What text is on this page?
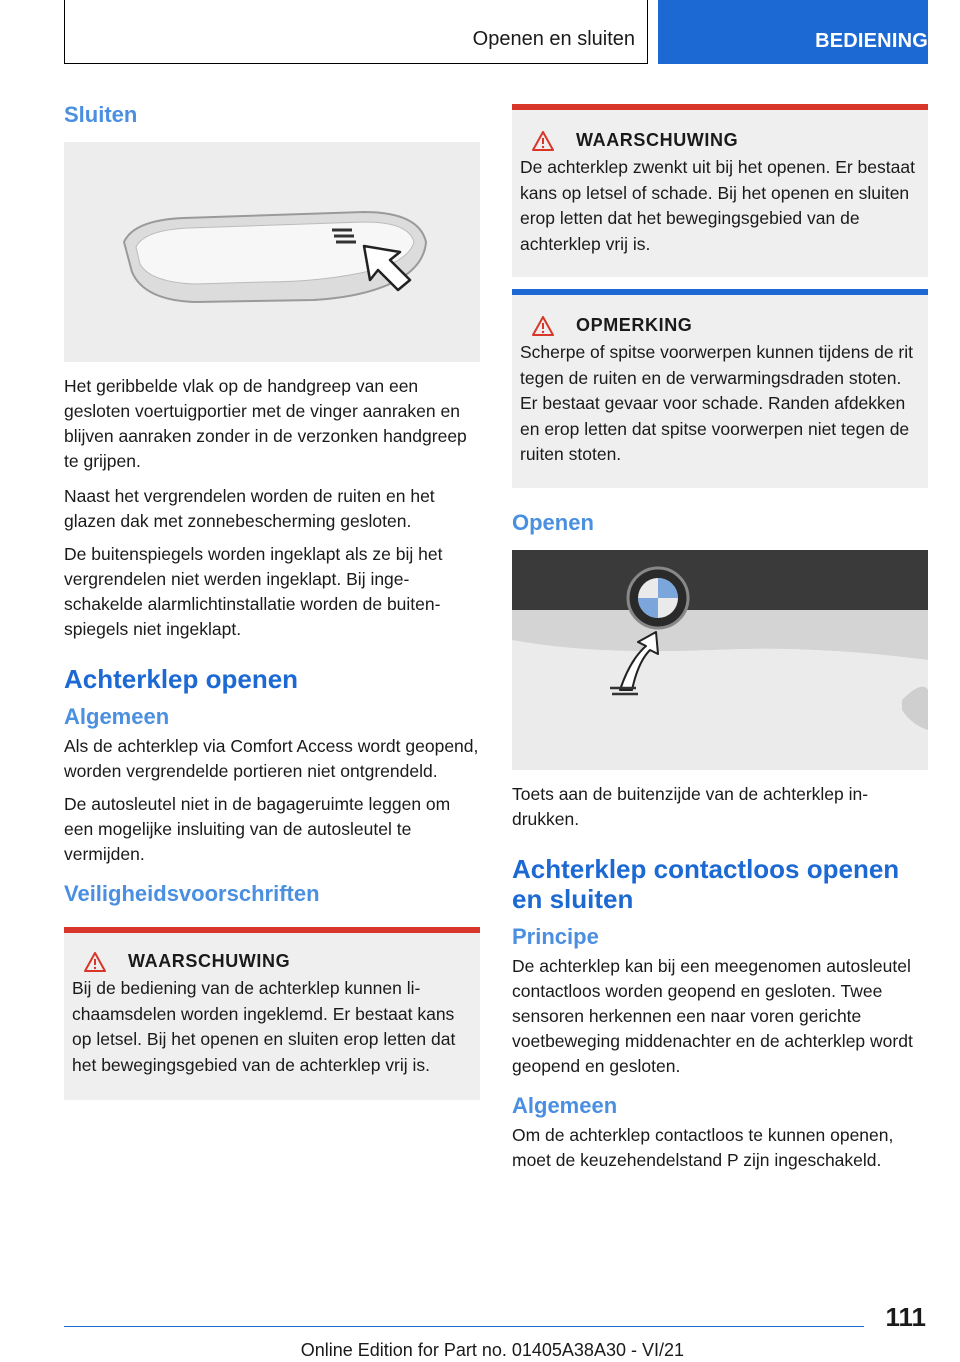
Openen en sluiten	BEDIENING
Sluiten

Het geribbelde vlak op de handgreep van een gesloten voertuigportier met de vinger aanraken en blijven aanraken zonder in de verzonken handgreep te grijpen.

Naast het vergrendelen worden de ruiten en het glazen dak met zonnebescherming gesloten.

De buitenspiegels worden ingeklapt als ze bij het vergrendelen niet werden ingeklapt. Bij ingeschakelde alarmlichtinstallatie worden de buitenspiegels niet ingeklapt.

Achterklep openen
Algemeen

Als de achterklep via Comfort Access wordt geopend, worden vergrendelde portieren niet ontgrendeld.

De autosleutel niet in de bagageruimte leggen om een mogelijke insluiting van de autosleutel te vermijden.

Veiligheidsvoorschriften
WAARSCHUWING

Bij de bediening van de achterklep kunnen lichaamsdelen worden ingeklemd. Er bestaat kans op letsel. Bij het openen en sluiten erop letten dat het bewegingsgebied van de achterklep vrij is.

WAARSCHUWING

De achterklep zwenkt uit bij het openen. Er bestaat kans op letsel of schade. Bij het openen en sluiten erop letten dat het bewegingsgebied van de achterklep vrij is.

OPMERKING

Scherpe of spitse voorwerpen kunnen tijdens de rit tegen de ruiten en de verwarmingsdraden stoten. Er bestaat gevaar voor schade. Randen afdekken en erop letten dat spitse voorwerpen niet tegen de ruiten stoten.

Openen

Toets aan de buitenzijde van de achterklep indrukken.

Achterklep contactloos openen en sluiten
Principe

De achterklep kan bij een meegenomen autosleutel contactloos worden geopend en gesloten. Twee sensoren herkennen een naar voren gerichte voetbeweging middenachter en de achterklep wordt geopend en gesloten.

Algemeen

Om de achterklep contactloos te kunnen openen, moet de keuzehendelstand P zijn ingeschakeld.

111
Online Edition for Part no. 01405A38A30 - VI/21
